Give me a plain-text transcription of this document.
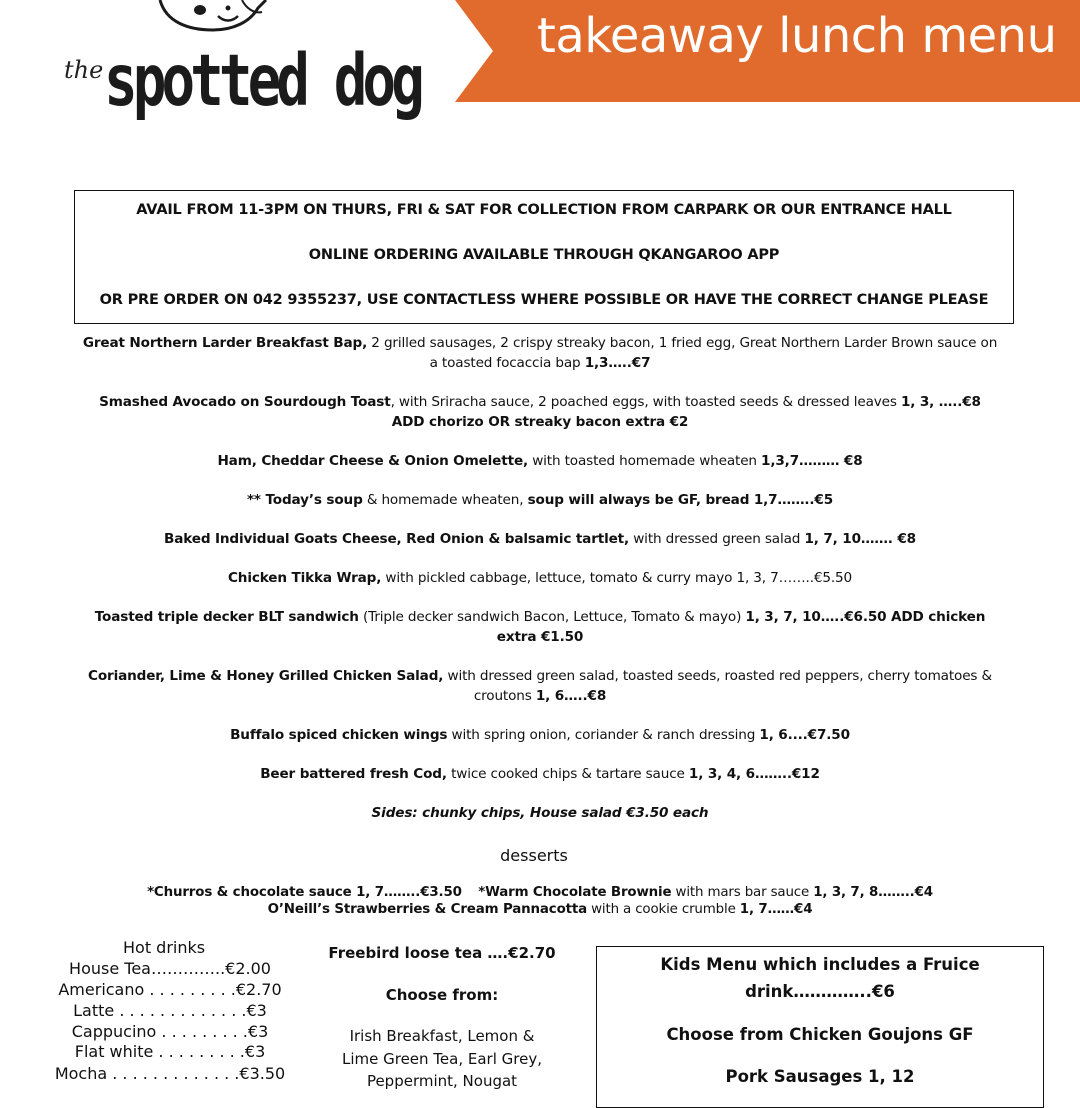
the spotted dog
takeaway lunch menu
AVAIL FROM 11-3PM ON THURS, FRI & SAT FOR COLLECTION FROM CARPARK OR OUR ENTRANCE HALL
ONLINE ORDERING AVAILABLE THROUGH QKANGAROO APP
OR PRE ORDER ON 042 9355237, USE CONTACTLESS WHERE POSSIBLE OR HAVE THE CORRECT CHANGE PLEASE
Great Northern Larder Breakfast Bap, 2 grilled sausages, 2 crispy streaky bacon, 1 fried egg, Great Northern Larder Brown sauce on a toasted focaccia bap 1,3…..€7
Smashed Avocado on Sourdough Toast, with Sriracha sauce, 2 poached eggs, with toasted seeds & dressed leaves 1, 3, …..€8
ADD chorizo OR streaky bacon extra €2
Ham, Cheddar Cheese & Onion Omelette, with toasted homemade wheaten 1,3,7……… €8
** Today’s soup & homemade wheaten, soup will always be GF, bread 1,7……..€5
Baked Individual Goats Cheese, Red Onion & balsamic tartlet, with dressed green salad 1, 7, 10……. €8
Chicken Tikka Wrap, with pickled cabbage, lettuce, tomato & curry mayo 1, 3, 7……..€5.50
Toasted triple decker BLT sandwich (Triple decker sandwich Bacon, Lettuce, Tomato & mayo) 1, 3, 7, 10…..€6.50 ADD chicken extra €1.50
Coriander, Lime & Honey Grilled Chicken Salad, with dressed green salad, toasted seeds, roasted red peppers, cherry tomatoes & croutons 1, 6…..€8
Buffalo spiced chicken wings with spring onion, coriander & ranch dressing 1, 6....€7.50
Beer battered fresh Cod, twice cooked chips & tartare sauce 1, 3, 4, 6……..€12
Sides: chunky chips, House salad €3.50 each
desserts
*Churros & chocolate sauce 1, 7……..€3.50 *Warm Chocolate Brownie with mars bar sauce 1, 3, 7, 8……..€4
O’Neill’s Strawberries & Cream Pannacotta with a cookie crumble 1, 7……€4
Hot drinks
House Tea…………..€2.00
Americano . . . . . . . . .€2.70
Latte . . . . . . . . . . . . .€3
Cappucino . . . . . . . . .€3
Flat white . . . . . . . . .€3
Mocha . . . . . . . . . . . . .€3.50
Freebird loose tea ….€2.70
Choose from:
Irish Breakfast, Lemon &
Lime Green Tea, Earl Grey,
Peppermint, Nougat
Kids Menu which includes a Fruice
drink…………..€6
Choose from Chicken Goujons GF
Pork Sausages 1, 12
